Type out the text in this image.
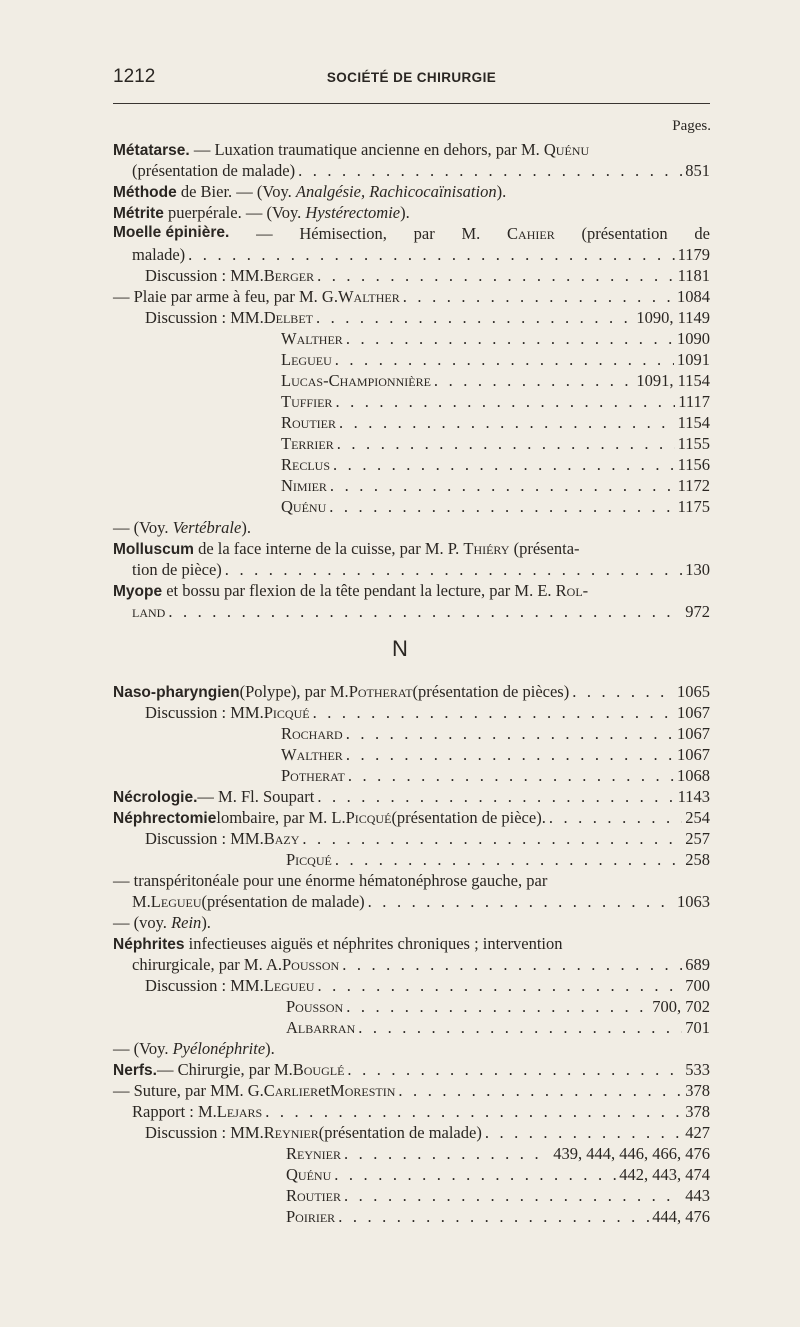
1212	SOCIÉTÉ DE CHIRURGIE
Pages.
Métatarse. — Luxation traumatique ancienne en dehors, par M. Quénu
(présentation de malade) . . .	851
Méthode de Bier. — (Voy. Analgésie, Rachicocaïnisation).
Métrite puerpérale. — (Voy. Hystérectomie).
Moelle épinière. — Hémisection, par M. Cahier (présentation de
malade) . . .	1179
Discussion : MM. Berger . . .	1181
— Plaie par arme à feu, par M. G. Walther . . .	1084
Discussion : MM. Delbet . . .	1090, 1149
Walther . . .	1090
Legueu . . .	1091
Lucas-Championnière . . .	1091, 1154
Tuffier . . .	1117
Routier . . .	1154
Terrier . . .	1155
Reclus . . .	1156
Nimier . . .	1172
Quénu . . .	1175
— (Voy. Vertébrale).
Molluscum de la face interne de la cuisse, par M. P. Thiéry (présenta-
tion de pièce) . . .	130
Myope et bossu par flexion de la tête pendant la lecture, par M. E. Rol-
land . . .	972
N
Naso-pharyngien (Polype), par M. Potherat (présentation de pièces) . . .	1065
Discussion : MM. Picqué . . .	1067
Rochard . . .	1067
Walther . . .	1067
Potherat . . .	1068
Nécrologie. — M. Fl. Soupart . . .	1143
Néphrectomie lombaire, par M. L. Picqué (présentation de pièce). . . .	254
Discussion : MM. Bazy . . .	257
Picqué . . .	258
— transpéritonéale pour une énorme hématonéphrose gauche, par
M. Legueu (présentation de malade) . . .	1063
— (voy. Rein).
Néphrites infectieuses aiguës et néphrites chroniques ; intervention
chirurgicale, par M. A. Pousson . . .	689
Discussion : MM. Legueu . . .	700
Pousson . . .	700, 702
Albarran . . .	701
— (Voy. Pyélonéphrite).
Nerfs. — Chirurgie, par M. Bouglé . . .	533
— Suture, par MM. G. Carlier et Morestin . . .	378
Rapport : M. Lejars . . .	378
Discussion : MM. Reynier (présentation de malade) . . .	427
Reynier . . .	439, 444, 446, 466, 476
Quénu . . .	442, 443, 474
Routier . . .	443
Poirier . . .	444, 476
